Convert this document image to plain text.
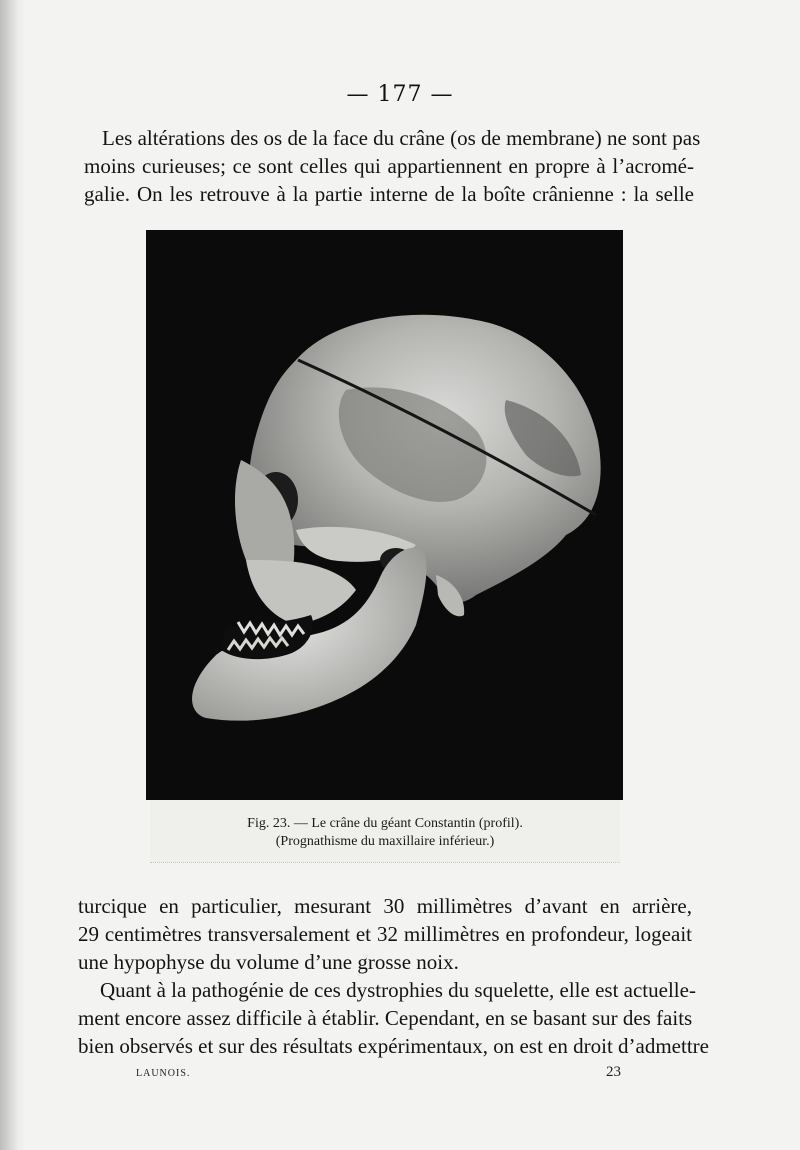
— 177 —
Les altérations des os de la face du crâne (os de membrane) ne sont pas
moins curieuses; ce sont celles qui appartiennent en propre à l’acromé-
galie. On les retrouve à la partie interne de la boîte crânienne : la selle
Fig. 23. — Le crâne du géant Constantin (profil).
(Prognathisme du maxillaire inférieur.)
turcique en particulier, mesurant 30 millimètres d’avant en arrière,
29 centimètres transversalement et 32 millimètres en profondeur, logeait
une hypophyse du volume d’une grosse noix.
Quant à la pathogénie de ces dystrophies du squelette, elle est actuelle-
ment encore assez difficile à établir. Cependant, en se basant sur des faits
bien observés et sur des résultats expérimentaux, on est en droit d’admettre
LAUNOIS.	23
